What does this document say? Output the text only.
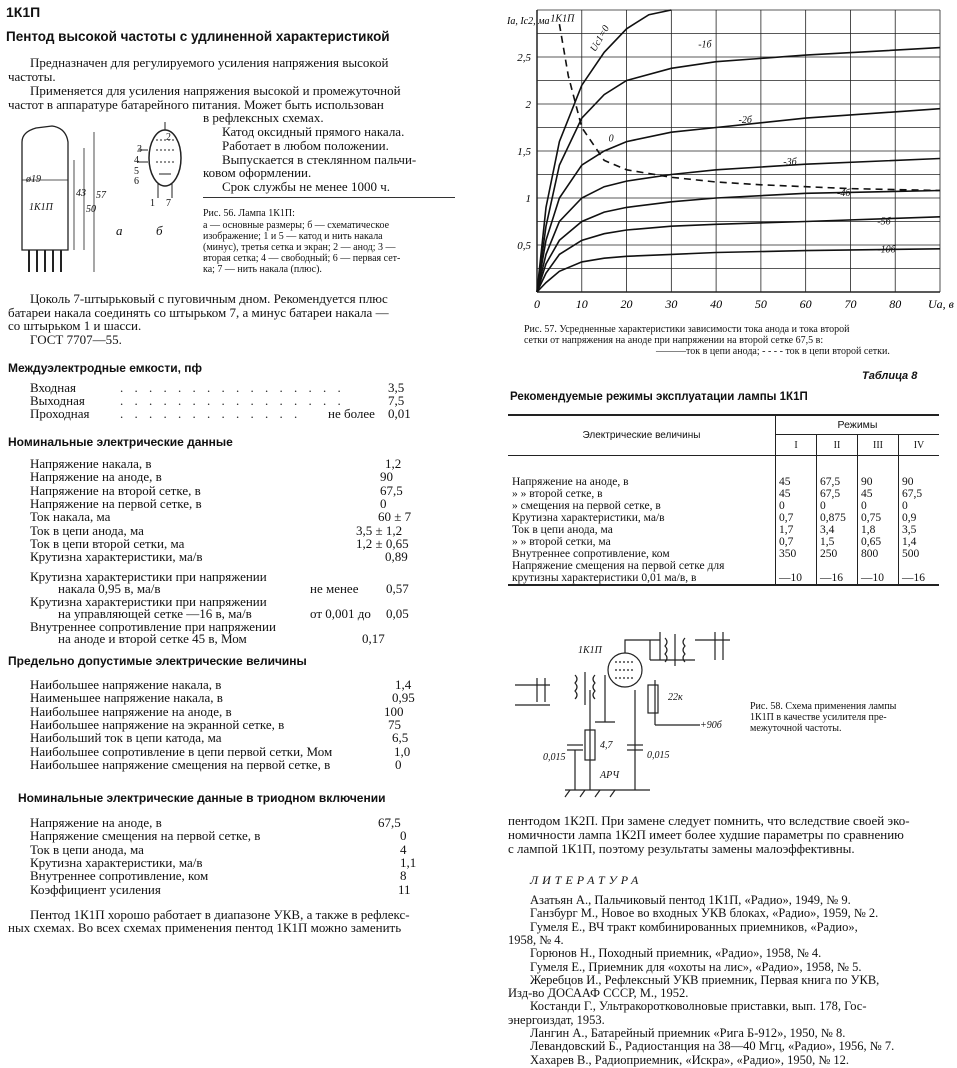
1К1П
Пентод высокой частоты с удлиненной характеристикой
Предназначен для регулируемого усиления напряжения высокой
частоты.
Применяется для усиления напряжения высокой и промежуточной
частот в аппаратуре батарейного питания. Может быть использован
в рефлексных схемах.
Катод оксидный прямого накала.
Работает в любом положении.
Выпускается в стеклянном пальчи-
ковом оформлении.
Срок службы не менее 1000 ч.
ø19
1К1П
43
50
57
2
3
4
5
6
1 7
а	б
Рис. 56. Лампа 1К1П:
а — основные размеры; б — схематическое
изображение; 1 и 5 — катод и нить накала
(минус), третья сетка и экран; 2 — анод; 3 —
вторая сетка; 4 — свободный; 6 — первая сет-
ка; 7 — нить накала (плюс).
Цоколь 7-штырьковый с пуговичным дном. Рекомендуется плюс
батареи накала соединять со штырьком 7, а минус батареи накала —
со штырьком 1 и шасси.
ГОСТ 7707—55.
Междуэлектродные емкости, пф
Входная	. . . . . . . . . . . . . . . .	3,5
Выходная	. . . . . . . . . . . . . . . .	7,5
Проходная . . . . . . . . . . . . . не более 0,01
Номинальные электрические данные
Напряжение накала, в	1,2
Напряжение на аноде, в	90
Напряжение на второй сетке, в	67,5
Напряжение на первой сетке, в	0
Ток накала, ма	60 ± 7
Ток в цепи анода, ма	3,5 ± 1,2
Ток в цепи второй сетки, ма	1,2 ± 0,65
Крутизна характеристики, ма/в	0,89
Крутизна характеристики при напряжении
накала 0,95 в, ма/в	не менее 0,57
Крутизна характеристики при напряжении
на управляющей сетке —16 в, ма/в	от 0,001 до 0,05
Внутреннее сопротивление при напряжении
на аноде и второй сетке 45 в, Мом	0,17
Предельно допустимые электрические величины
Наибольшее напряжение накала, в	1,4
Наименьшее напряжение накала, в	0,95
Наибольшее напряжение на аноде, в	100
Наибольшее напряжение на экранной сетке, в	75
Наибольший ток в цепи катода, ма	6,5
Наибольшее сопротивление в цепи первой сетки, Мом	1,0
Наибольшее напряжение смещения на первой сетке, в	0
Номинальные электрические данные в триодном включении
Напряжение на аноде, в	67,5
Напряжение смещения на первой сетке, в	0
Ток в цепи анода, ма	4
Крутизна характеристики, ма/в	1,1
Внутреннее сопротивление, ком	8
Коэффициент усиления	11
Пентод 1К1П хорошо работает в диапазоне УКВ, а также в рефлекс-
ных схемах. Во всех схемах применения пентод 1К1П можно заменить
0	10	20	30	40	50	60	70	80
0,5
1
1,5
2
2,5
Ua, в
Ia, Ic2, ма 1К1П
Uc1=0	-1б
-2б
0
-3б
-4б
-5б
-10б
Рис. 57. Усредненные характеристики зависимости тока анода и тока второй
сетки от напряжения на аноде при напряжении на второй сетке 67,5 в:
———ток в цепи анода; - - - - ток в цепи второй сетки.
Таблица 8
Рекомендуемые режимы эксплуатации лампы 1К1П
Электрические величины	Режимы			
	I	II	III	IV
Напряжение на аноде, в	45	67,5	90	90
» » второй сетке, в	45	67,5	45	67,5
» смещения на первой сетке, в	0	0	0	0
Крутизна характеристики, ма/в	0,7	0,875	0,75	0,9
Ток в цепи анода, ма	1,7	3,4	1,8	3,5
» » второй сетки, ма	0,7	1,5	0,65	1,4
Внутреннее сопротивление, ком	350	250	800	500
Напряжение смещения на первой сетке для крутизны характеристики 0,01 ма/в, в	—10	—16	—10	—16
1К1П
22к
+90б
4,7
0,015	0,015
АРЧ
Рис. 58. Схема применения лампы
1К1П в качестве усилителя пре-
межуточной частоты.
пентодом 1К2П. При замене следует помнить, что вследствие своей эко-
номичности лампа 1К2П имеет более худшие параметры по сравнению
с лампой 1К1П, поэтому результаты замены малоэффективны.
ЛИТЕРАТУРА
Азатьян А., Пальчиковый пентод 1К1П, «Радио», 1949, № 9.
Ганзбург М., Новое во входных УКВ блоках, «Радио», 1959, № 2.
Гумеля Е., ВЧ тракт комбинированных приемников, «Радио»,
1958, № 4.
Горюнов Н., Походный приемник, «Радио», 1958, № 4.
Гумеля Е., Приемник для «охоты на лис», «Радио», 1958, № 5.
Жеребцов И., Рефлексный УКВ приемник, Первая книга по УКВ,
Изд-во ДОСААФ СССР, М., 1952.
Костанди Г., Ультракоротковолновые приставки, вып. 178, Гос-
энергоиздат, 1953.
Лангин А., Батарейный приемник «Рига Б-912», 1950, № 8.
Левандовский Б., Радиостанция на 38—40 Мгц, «Радио», 1956, № 7.
Хахарев В., Радиоприемник, «Искра», «Радио», 1950, № 12.
